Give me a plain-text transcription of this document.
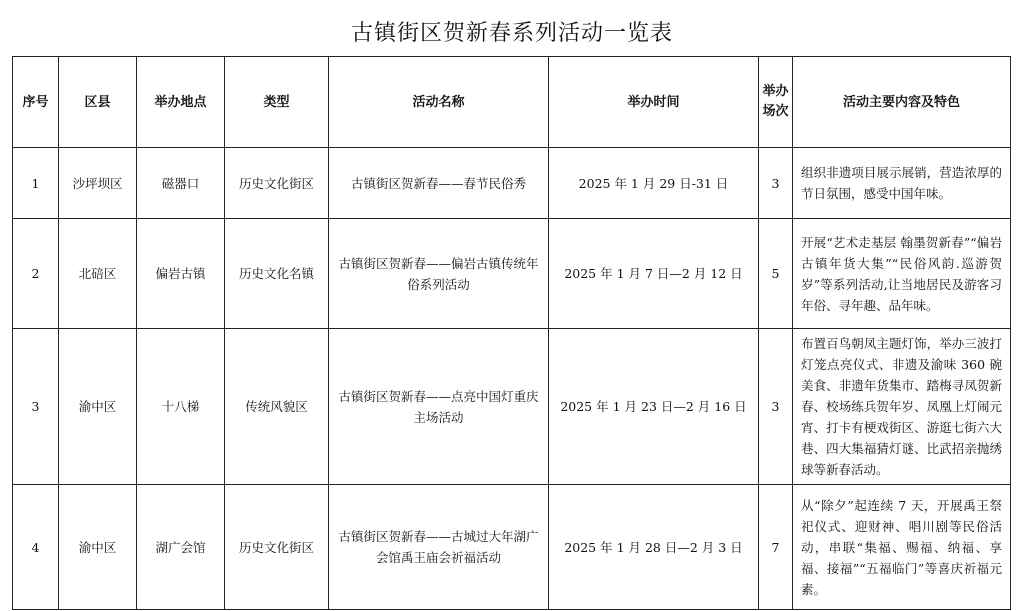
古镇街区贺新春系列活动一览表
序号	区县	举办地点	类型	活动名称	举办时间	举办场次	活动主要内容及特色
1	沙坪坝区	磁器口	历史文化街区	古镇街区贺新春——春节民俗秀	2025 年 1 月 29 日-31 日	3	组织非遗项目展示展销，营造浓厚的节日氛围，感受中国年味。
2	北碚区	偏岩古镇	历史文化名镇	古镇街区贺新春——偏岩古镇传统年俗系列活动	2025 年 1 月 7 日—2 月 12 日	5	开展“艺术走基层 翰墨贺新春”“偏岩古镇年货大集”“民俗风韵.巡游贺岁”等系列活动,让当地居民及游客习年俗、寻年趣、品年味。
3	渝中区	十八梯	传统风貌区	古镇街区贺新春——点亮中国灯重庆主场活动	2025 年 1 月 23 日—2 月 16 日	3	布置百鸟朝凤主题灯饰，举办三波打灯笼点亮仪式、非遗及渝味 360 碗美食、非遗年货集市、踏梅寻凤贺新春、校场练兵贺年岁、凤凰上灯闹元宵、打卡有梗戏街区、游逛七街六大巷、四大集福猜灯谜、比武招亲抛绣球等新春活动。
4	渝中区	湖广会馆	历史文化街区	古镇街区贺新春——古城过大年湖广会馆禹王庙会祈福活动	2025 年 1 月 28 日—2 月 3 日	7	从“除夕”起连续 7 天，开展禹王祭祀仪式、迎财神、唱川剧等民俗活动，串联“集福、赐福、纳福、享福、接福”“五福临门”等喜庆祈福元素。
